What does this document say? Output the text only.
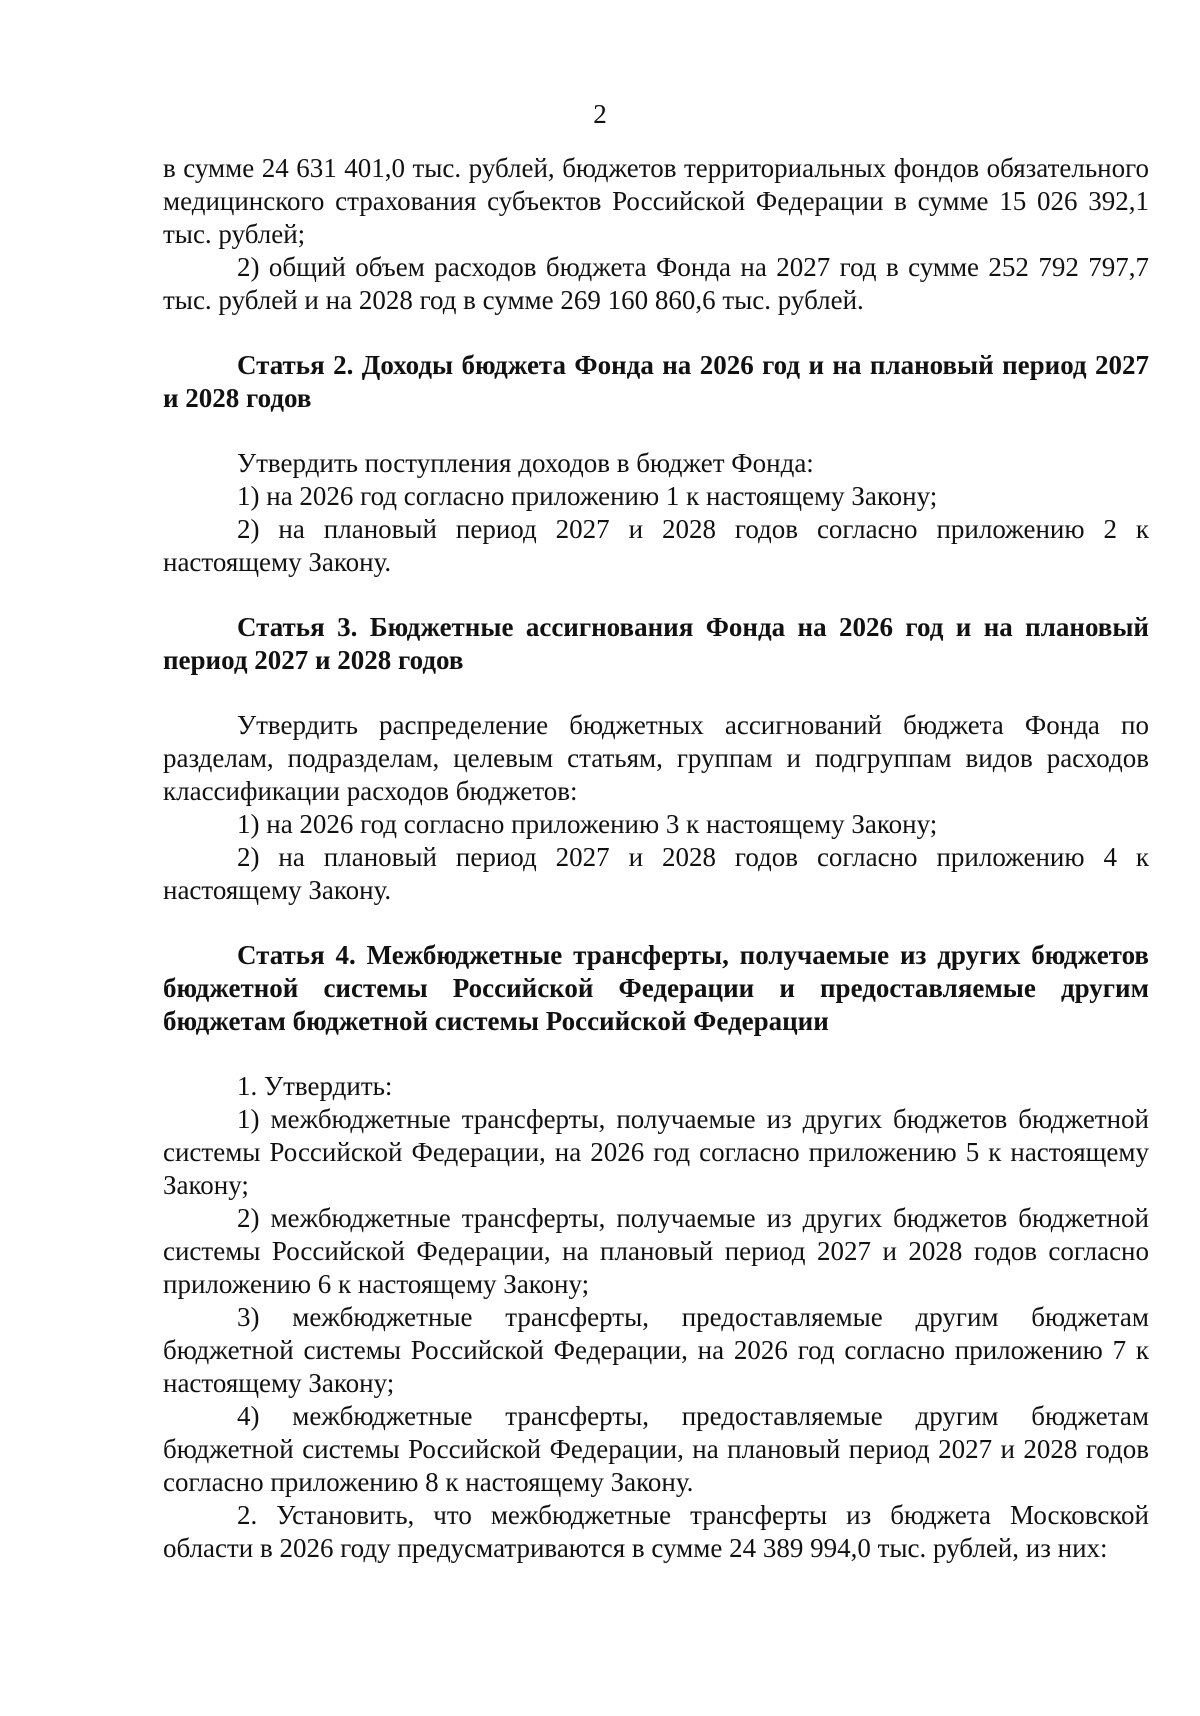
2

в сумме 24 631 401,0 тыс. рублей, бюджетов территориальных фондов обязательного медицинского страхования субъектов Российской Федерации в сумме 15 026 392,1 тыс. рублей;

2) общий объем расходов бюджета Фонда на 2027 год в сумме 252 792 797,7 тыс. рублей и на 2028 год в сумме 269 160 860,6 тыс. рублей.

Статья 2. Доходы бюджета Фонда на 2026 год и на плановый период 2027 и 2028 годов

Утвердить поступления доходов в бюджет Фонда:

1) на 2026 год согласно приложению 1 к настоящему Закону;

2) на плановый период 2027 и 2028 годов согласно приложению 2 к настоящему Закону.

Статья 3. Бюджетные ассигнования Фонда на 2026 год и на плановый период 2027 и 2028 годов

Утвердить распределение бюджетных ассигнований бюджета Фонда по разделам, подразделам, целевым статьям, группам и подгруппам видов расходов классификации расходов бюджетов:

1) на 2026 год согласно приложению 3 к настоящему Закону;

2) на плановый период 2027 и 2028 годов согласно приложению 4 к настоящему Закону.

Статья 4. Межбюджетные трансферты, получаемые из других бюджетов бюджетной системы Российской Федерации и предоставляемые другим бюджетам бюджетной системы Российской Федерации

1. Утвердить:

1) межбюджетные трансферты, получаемые из других бюджетов бюджетной системы Российской Федерации, на 2026 год согласно приложению 5 к настоящему Закону;

2) межбюджетные трансферты, получаемые из других бюджетов бюджетной системы Российской Федерации, на плановый период 2027 и 2028 годов согласно приложению 6 к настоящему Закону;

3) межбюджетные трансферты, предоставляемые другим бюджетам бюджетной системы Российской Федерации, на 2026 год согласно приложению 7 к настоящему Закону;

4) межбюджетные трансферты, предоставляемые другим бюджетам бюджетной системы Российской Федерации, на плановый период 2027 и 2028 годов согласно приложению 8 к настоящему Закону.

2. Установить, что межбюджетные трансферты из бюджета Московской области в 2026 году предусматриваются в сумме 24 389 994,0 тыс. рублей, из них:
